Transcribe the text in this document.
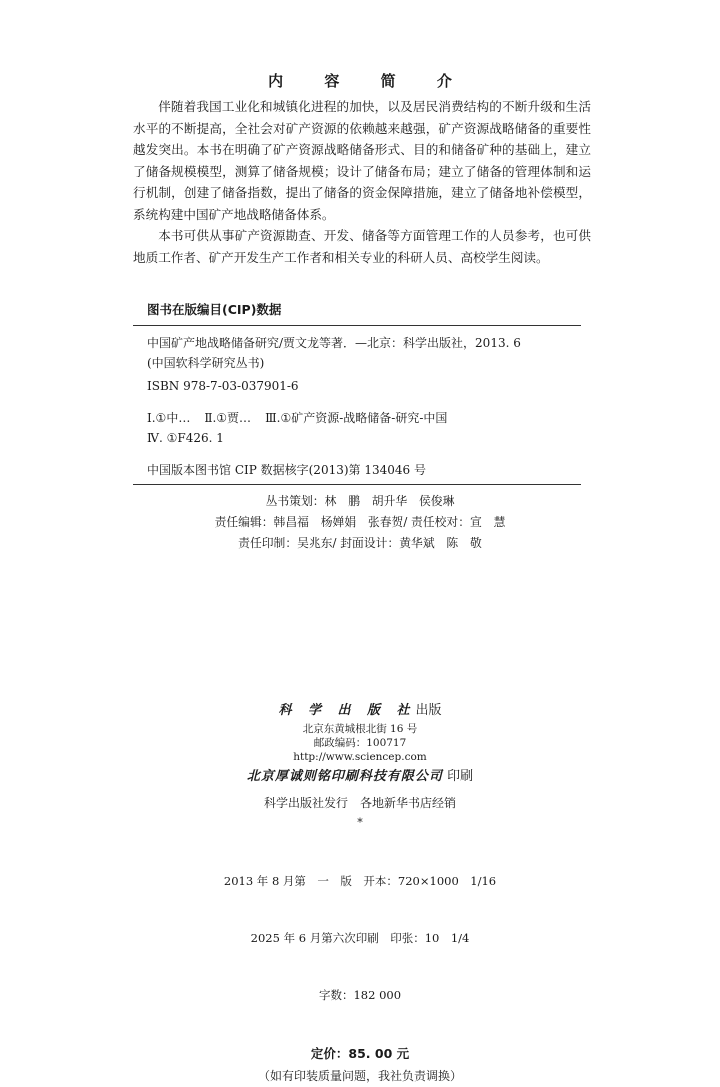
内 容 简 介

伴随着我国工业化和城镇化进程的加快，以及居民消费结构的不断升级和生活水平的不断提高，全社会对矿产资源的依赖越来越强，矿产资源战略储备的重要性越发突出。本书在明确了矿产资源战略储备形式、目的和储备矿种的基础上，建立了储备规模模型，测算了储备规模；设计了储备布局；建立了储备的管理体制和运行机制，创建了储备指数，提出了储备的资金保障措施，建立了储备地补偿模型，系统构建中国矿产地战略储备体系。

本书可供从事矿产资源勘查、开发、储备等方面管理工作的人员参考，也可供地质工作者、矿产开发生产工作者和相关专业的科研人员、高校学生阅读。

图书在版编目(CIP)数据
中国矿产地战略储备研究/贾文龙等著．—北京：科学出版社，2013. 6
(中国软科学研究丛书)
ISBN 978-7-03-037901-6
Ⅰ.①中… Ⅱ.①贾… Ⅲ.①矿产资源-战略储备-研究-中国
Ⅳ. ①F426. 1
中国版本图书馆 CIP 数据核字(2013)第 134046 号
丛书策划：林　鹏　胡升华　侯俊琳
责任编辑：韩昌福　杨婵娟　张春贺/ 责任校对：宣　慧
责任印制：吴兆东/ 封面设计：黄华斌　陈　敬
科 学 出 版 社出版
北京东黄城根北街 16 号
邮政编码：100717
http://www.sciencep.com
北京厚诚则铭印刷科技有限公司 印刷
科学出版社发行　各地新华书店经销
*

2013 年 8 月第　一　版　开本：720×1000　1/16

2025 年 6 月第六次印刷　印张：10　1/4

字数：182 000

定价：85. 00 元
（如有印装质量问题，我社负责调换）
